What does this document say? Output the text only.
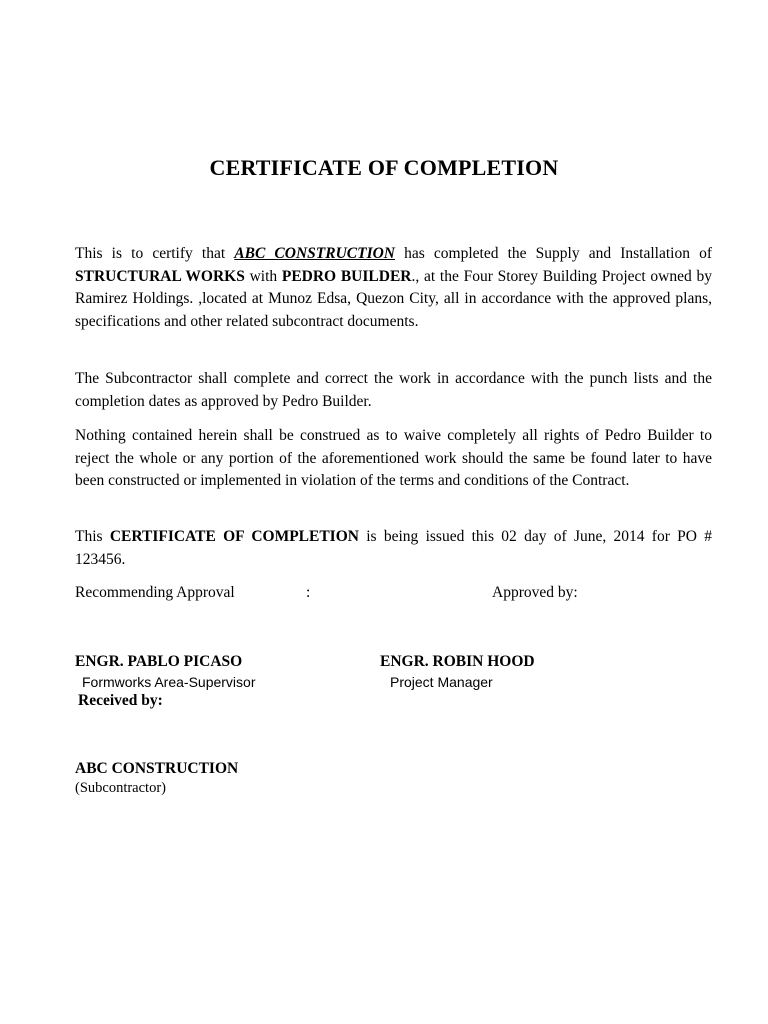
CERTIFICATE OF COMPLETION
This is to certify that ABC CONSTRUCTION has completed the Supply and Installation of STRUCTURAL WORKS with PEDRO BUILDER., at the Four Storey Building Project owned by Ramirez Holdings. ,located at Munoz Edsa, Quezon City, all in accordance with the approved plans, specifications and other related subcontract documents.
The Subcontractor shall complete and correct the work in accordance with the punch lists and the completion dates as approved by Pedro Builder.
Nothing contained herein shall be construed as to waive completely all rights of Pedro Builder to reject the whole or any portion of the aforementioned work should the same be found later to have been constructed or implemented in violation of the terms and conditions of the Contract.
This CERTIFICATE OF COMPLETION is being issued this 02 day of June, 2014 for PO # 123456.
Recommending Approval	:	Approved by:
ENGR. PABLO PICASO
Formworks Area-Supervisor
ENGR. ROBIN HOOD
Project Manager
Received by:
ABC CONSTRUCTION
(Subcontractor)
